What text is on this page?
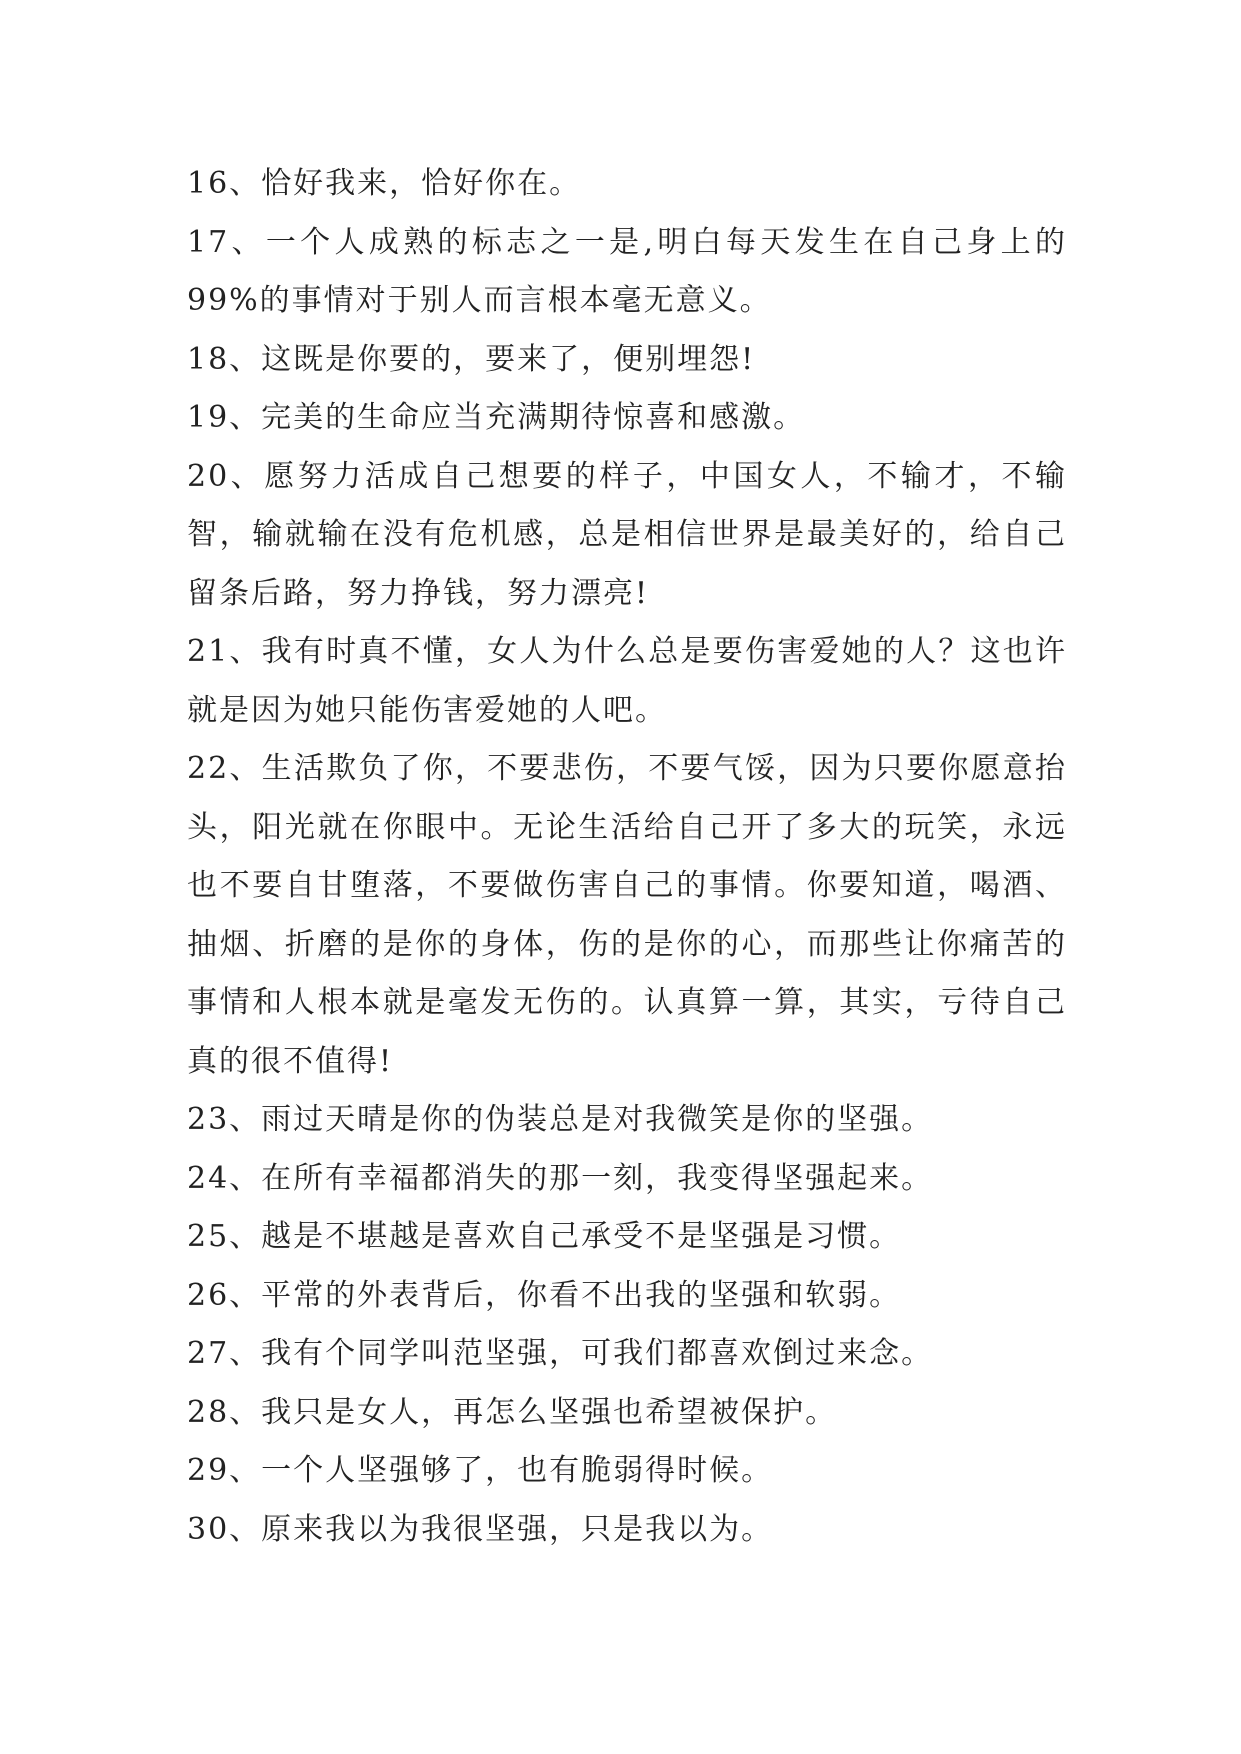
16、恰好我来，恰好你在。

17、一个人成熟的标志之一是,明白每天发生在自己身上的99%的事情对于别人而言根本毫无意义。

18、这既是你要的，要来了，便别埋怨!

19、完美的生命应当充满期待惊喜和感激。

20、愿努力活成自己想要的样子，中国女人，不输才，不输智，输就输在没有危机感，总是相信世界是最美好的，给自己留条后路，努力挣钱，努力漂亮!

21、我有时真不懂，女人为什么总是要伤害爱她的人？这也许就是因为她只能伤害爱她的人吧。

22、生活欺负了你，不要悲伤，不要气馁，因为只要你愿意抬头，阳光就在你眼中。无论生活给自己开了多大的玩笑，永远也不要自甘堕落，不要做伤害自己的事情。你要知道，喝酒、抽烟、折磨的是你的身体，伤的是你的心，而那些让你痛苦的事情和人根本就是毫发无伤的。认真算一算，其实，亏待自己真的很不值得!

23、雨过天晴是你的伪装总是对我微笑是你的坚强。

24、在所有幸福都消失的那一刻，我变得坚强起来。

25、越是不堪越是喜欢自己承受不是坚强是习惯。

26、平常的外表背后，你看不出我的坚强和软弱。

27、我有个同学叫范坚强，可我们都喜欢倒过来念。

28、我只是女人，再怎么坚强也希望被保护。

29、一个人坚强够了，也有脆弱得时候。

30、原来我以为我很坚强，只是我以为。
